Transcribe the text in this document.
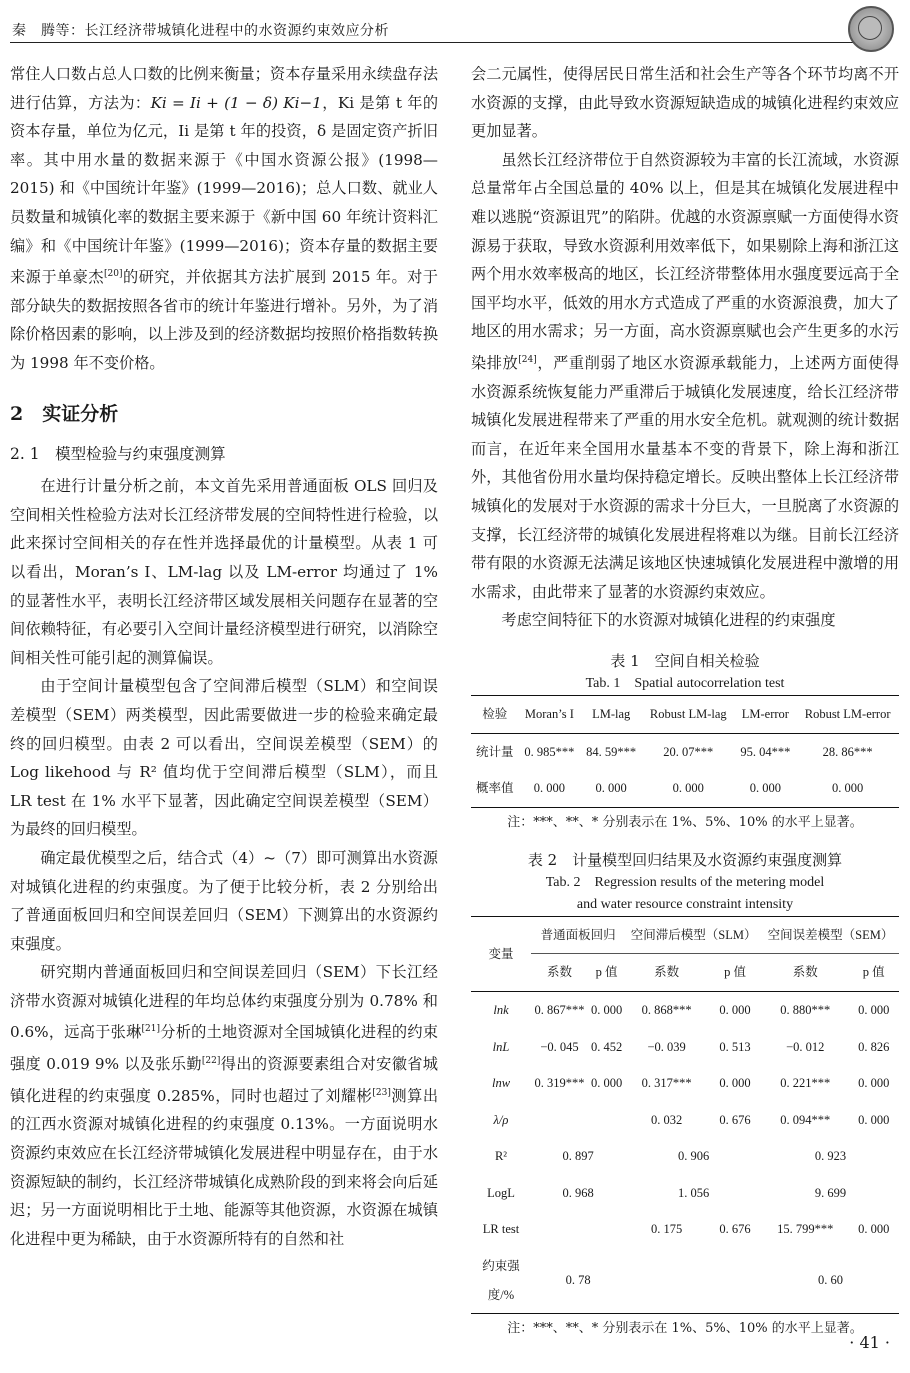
秦　腾等：长江经济带城镇化进程中的水资源约束效应分析

常住人口数占总人口数的比例来衡量；资本存量采用永续盘存法进行估算，方法为：Ki = Ii + (1 − δ) Ki−1，Ki 是第 t 年的资本存量，单位为亿元，Ii 是第 t 年的投资，δ 是固定资产折旧率。其中用水量的数据来源于《中国水资源公报》(1998—2015) 和《中国统计年鉴》(1999—2016)；总人口数、就业人员数量和城镇化率的数据主要来源于《新中国 60 年统计资料汇编》和《中国统计年鉴》(1999—2016)；资本存量的数据主要来源于单豪杰[20]的研究，并依据其方法扩展到 2015 年。对于部分缺失的数据按照各省市的统计年鉴进行增补。另外，为了消除价格因素的影响，以上涉及到的经济数据均按照价格指数转换为 1998 年不变价格。

2　实证分析
2. 1　模型检验与约束强度测算

在进行计量分析之前，本文首先采用普通面板 OLS 回归及空间相关性检验方法对长江经济带发展的空间特性进行检验，以此来探讨空间相关的存在性并选择最优的计量模型。从表 1 可以看出，Moran’s I、LM-lag 以及 LM-error 均通过了 1% 的显著性水平，表明长江经济带区域发展相关问题存在显著的空间依赖特征，有必要引入空间计量经济模型进行研究，以消除空间相关性可能引起的测算偏误。

由于空间计量模型包含了空间滞后模型（SLM）和空间误差模型（SEM）两类模型，因此需要做进一步的检验来确定最终的回归模型。由表 2 可以看出，空间误差模型（SEM）的 Log likehood 与 R² 值均优于空间滞后模型（SLM），而且 LR test 在 1% 水平下显著，因此确定空间误差模型（SEM）为最终的回归模型。

确定最优模型之后，结合式（4）~（7）即可测算出水资源对城镇化进程的约束强度。为了便于比较分析，表 2 分别给出了普通面板回归和空间误差回归（SEM）下测算出的水资源约束强度。

研究期内普通面板回归和空间误差回归（SEM）下长江经济带水资源对城镇化进程的年均总体约束强度分别为 0.78% 和 0.6%，远高于张琳[21]分析的土地资源对全国城镇化进程的约束强度 0.019 9% 以及张乐勤[22]得出的资源要素组合对安徽省城镇化进程的约束强度 0.285%，同时也超过了刘耀彬[23]测算出的江西水资源对城镇化进程的约束强度 0.13%。一方面说明水资源约束效应在长江经济带城镇化发展进程中明显存在，由于水资源短缺的制约，长江经济带城镇化成熟阶段的到来将会向后延迟；另一方面说明相比于土地、能源等其他资源，水资源在城镇化进程中更为稀缺，由于水资源所特有的自然和社

会二元属性，使得居民日常生活和社会生产等各个环节均离不开水资源的支撑，由此导致水资源短缺造成的城镇化进程约束效应更加显著。

虽然长江经济带位于自然资源较为丰富的长江流域，水资源总量常年占全国总量的 40% 以上，但是其在城镇化发展进程中难以逃脱“资源诅咒”的陷阱。优越的水资源禀赋一方面使得水资源易于获取，导致水资源利用效率低下，如果剔除上海和浙江这两个用水效率极高的地区，长江经济带整体用水强度要远高于全国平均水平，低效的用水方式造成了严重的水资源浪费，加大了地区的用水需求；另一方面，高水资源禀赋也会产生更多的水污染排放[24]，严重削弱了地区水资源承载能力，上述两方面使得水资源系统恢复能力严重滞后于城镇化发展速度，给长江经济带城镇化发展进程带来了严重的用水安全危机。就观测的统计数据而言，在近年来全国用水量基本不变的背景下，除上海和浙江外，其他省份用水量均保持稳定增长。反映出整体上长江经济带城镇化的发展对于水资源的需求十分巨大，一旦脱离了水资源的支撑，长江经济带的城镇化发展进程将难以为继。目前长江经济带有限的水资源无法满足该地区快速城镇化发展进程中激增的用水需求，由此带来了显著的水资源约束效应。

考虑空间特征下的水资源对城镇化进程的约束强度

表 1　空间自相关检验
Tab. 1　Spatial autocorrelation test
检验	Moran’s I	LM-lag	Robust LM-lag	LM-error	Robust LM-error
统计量	0. 985***	84. 59***	20. 07***	95. 04***	28. 86***
概率值	0. 000	0. 000	0. 000	0. 000	0. 000
注：***、**、* 分别表示在 1%、5%、10% 的水平上显著。
表 2　计量模型回归结果及水资源约束强度测算
Tab. 2　Regression results of the metering model
and water resource constraint intensity
变量	普通面板回归		空间滞后模型（SLM）		空间误差模型（SEM）	
	系数	p 值	系数	p 值	系数	p 值
lnk	0. 867***	0. 000	0. 868***	0. 000	0. 880***	0. 000
lnL	−0. 045	0. 452	−0. 039	0. 513	−0. 012	0. 826
lnw	0. 319***	0. 000	0. 317***	0. 000	0. 221***	0. 000
λ/ρ			0. 032	0. 676	0. 094***	0. 000
R²	0. 897		0. 906		0. 923	
LogL	0. 968		1. 056		9. 699	
LR test			0. 175	0. 676	15. 799***	0. 000
约束强度/%	0. 78				0. 60	
注：***、**、* 分别表示在 1%、5%、10% 的水平上显著。
· 41 ·
